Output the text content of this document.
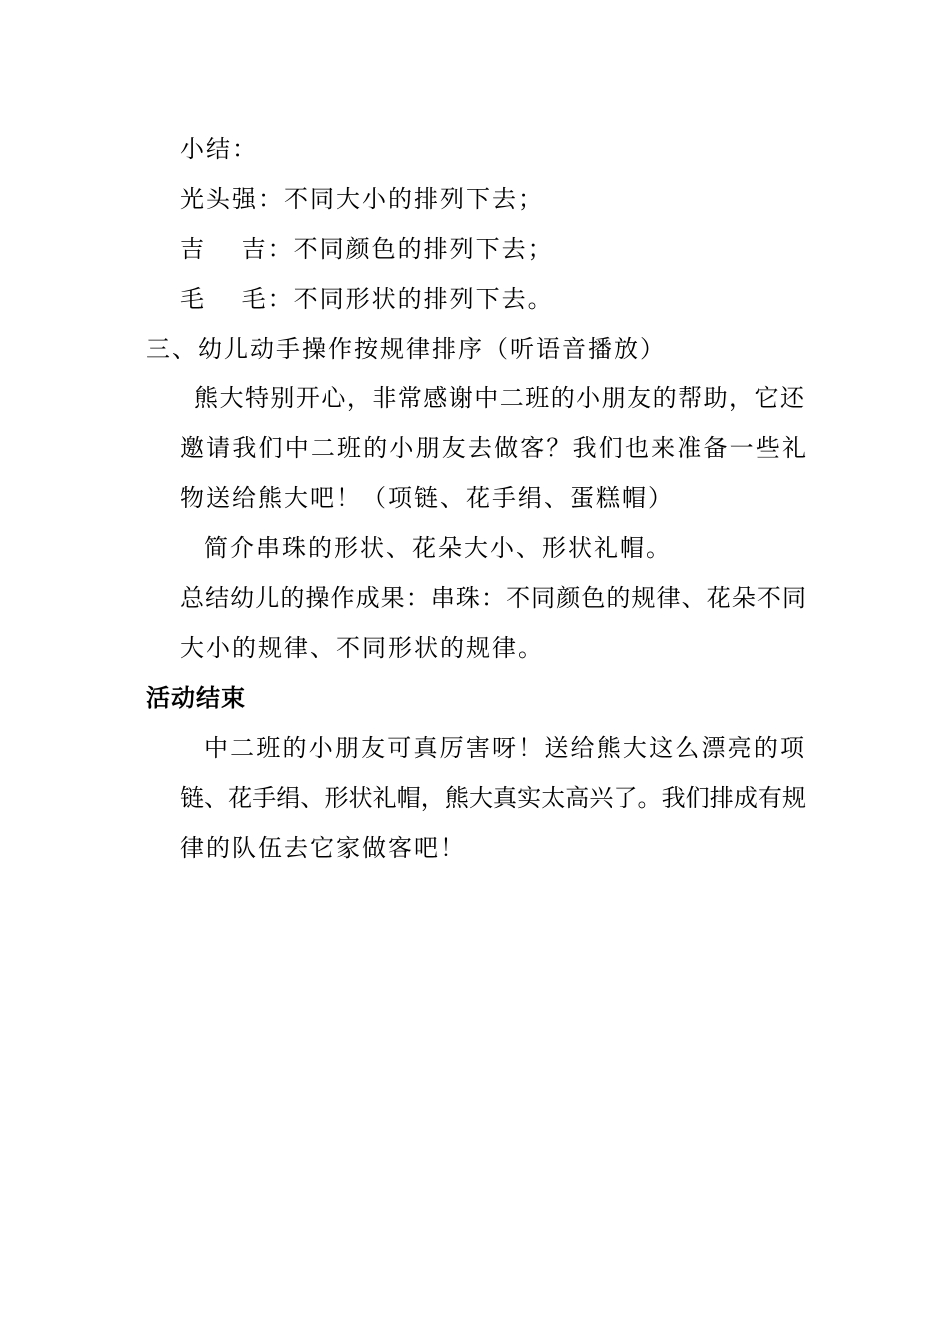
小结：
光头强：不同大小的排列下去；
吉　 吉：不同颜色的排列下去；
毛　 毛：不同形状的排列下去。
三、幼儿动手操作按规律排序（听语音播放）
熊大特别开心，非常感谢中二班的小朋友的帮助，它还
邀请我们中二班的小朋友去做客？我们也来准备一些礼
物送给熊大吧！（项链、花手绢、蛋糕帽）
简介串珠的形状、花朵大小、形状礼帽。
总结幼儿的操作成果：串珠：不同颜色的规律、花朵不同
大小的规律、不同形状的规律。
活动结束
中二班的小朋友可真厉害呀！送给熊大这么漂亮的项
链、花手绢、形状礼帽，熊大真实太高兴了。我们排成有规
律的队伍去它家做客吧！
